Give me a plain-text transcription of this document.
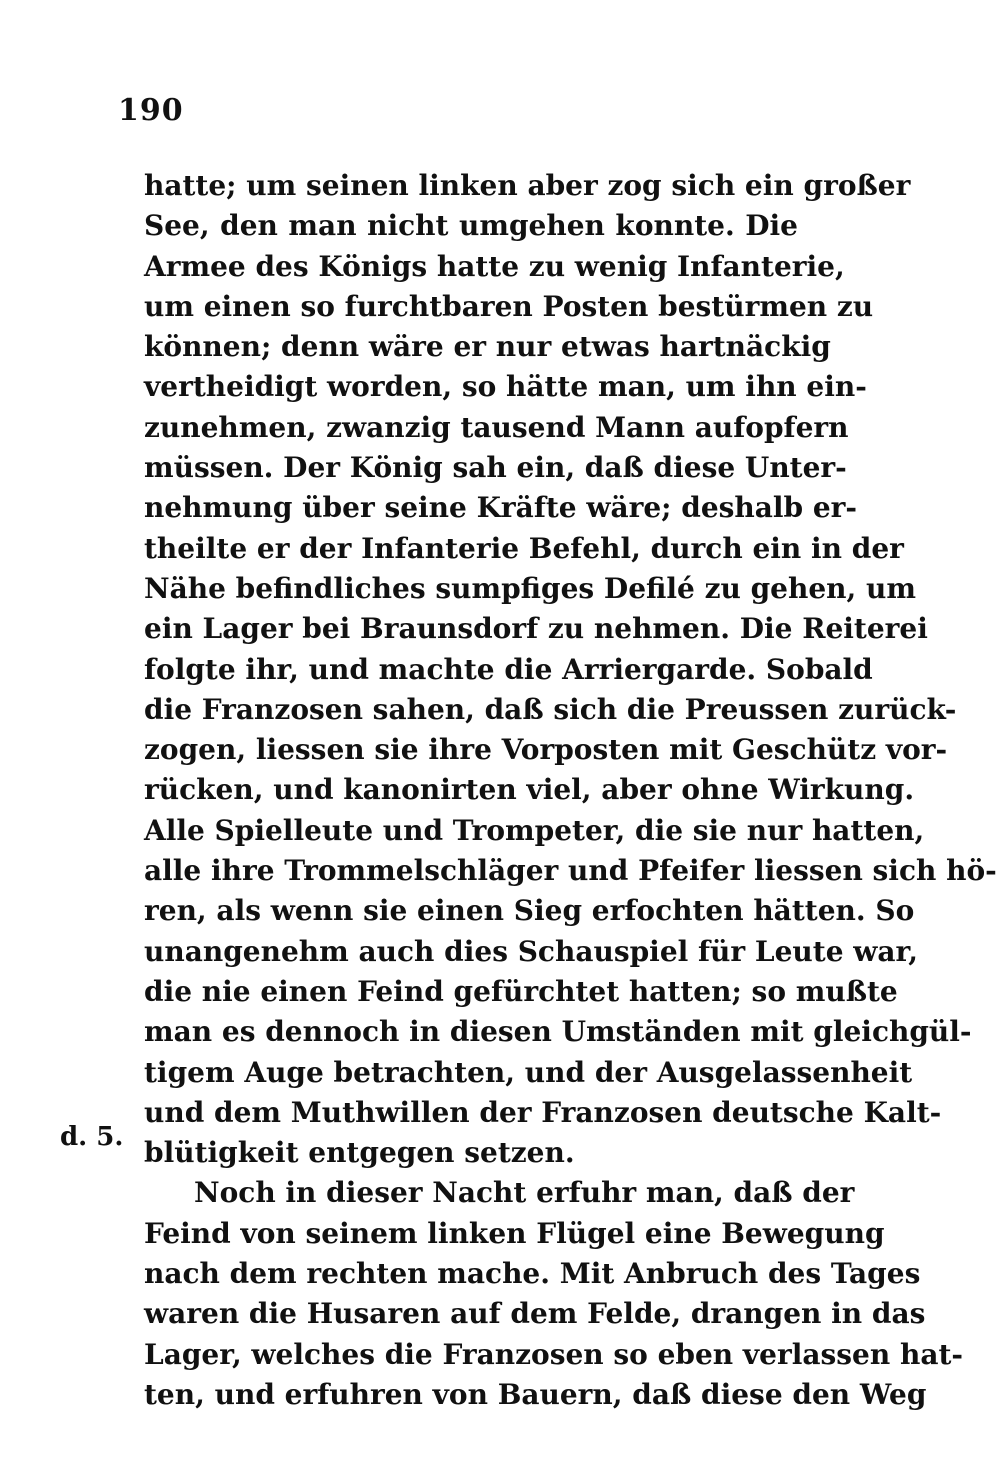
190
d. 5.
hatte; um seinen linken aber zog sich ein großer
See, den man nicht umgehen konnte. Die
Armee des Königs hatte zu wenig Infanterie,
um einen so furchtbaren Posten bestürmen zu
können; denn wäre er nur etwas hartnäckig
vertheidigt worden, so hätte man, um ihn ein-
zunehmen, zwanzig tausend Mann aufopfern
müssen. Der König sah ein, daß diese Unter-
nehmung über seine Kräfte wäre; deshalb er-
theilte er der Infanterie Befehl, durch ein in der
Nähe befindliches sumpfiges Defilé zu gehen, um
ein Lager bei Braunsdorf zu nehmen. Die Reiterei
folgte ihr, und machte die Arriergarde. Sobald
die Franzosen sahen, daß sich die Preussen zurück-
zogen, liessen sie ihre Vorposten mit Geschütz vor-
rücken, und kanonirten viel, aber ohne Wirkung.
Alle Spielleute und Trompeter, die sie nur hatten,
alle ihre Trommelschläger und Pfeifer liessen sich hö-
ren, als wenn sie einen Sieg erfochten hätten. So
unangenehm auch dies Schauspiel für Leute war,
die nie einen Feind gefürchtet hatten; so mußte
man es dennoch in diesen Umständen mit gleichgül-
tigem Auge betrachten, und der Ausgelassenheit
und dem Muthwillen der Franzosen deutsche Kalt-
blütigkeit entgegen setzen.
Noch in dieser Nacht erfuhr man, daß der
Feind von seinem linken Flügel eine Bewegung
nach dem rechten mache. Mit Anbruch des Tages
waren die Husaren auf dem Felde, drangen in das
Lager, welches die Franzosen so eben verlassen hat-
ten, und erfuhren von Bauern, daß diese den Weg
